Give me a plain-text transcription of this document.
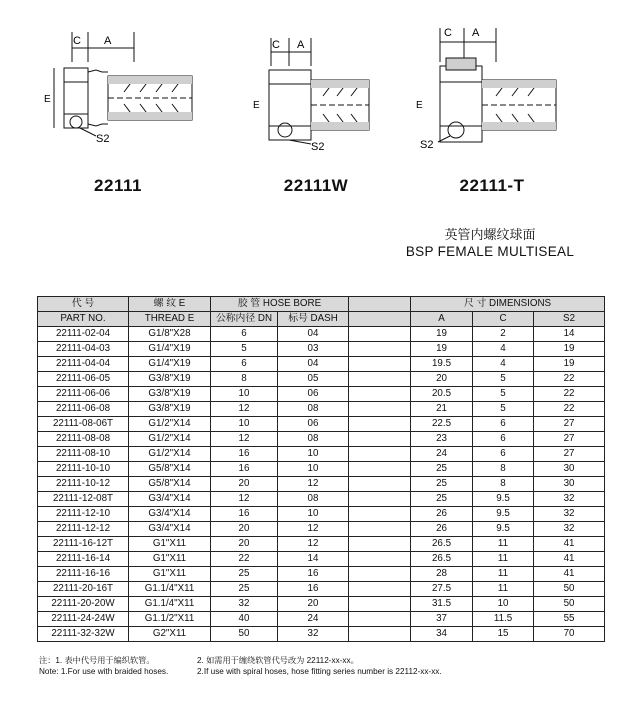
C A
E
S2
C A
E
S2
C A
E
S2
22111	22111W	22111-T
英管内螺纹球面
BSP FEMALE MULTISEAL
代 号	螺 纹 E	胶 管 HOSE BORE			尺 寸 DIMENSIONS		
PART NO.	THREAD E	公称内径 DN	标号 DASH		A	C	S2
22111-02-04	G1/8"X28	6	04		19	2	14
22111-04-03	G1/4"X19	5	03		19	4	19
22111-04-04	G1/4"X19	6	04		19.5	4	19
22111-06-05	G3/8"X19	8	05		20	5	22
22111-06-06	G3/8"X19	10	06		20.5	5	22
22111-06-08	G3/8"X19	12	08		21	5	22
22111-08-06T	G1/2"X14	10	06		22.5	6	27
22111-08-08	G1/2"X14	12	08		23	6	27
22111-08-10	G1/2"X14	16	10		24	6	27
22111-10-10	G5/8"X14	16	10		25	8	30
22111-10-12	G5/8"X14	20	12		25	8	30
22111-12-08T	G3/4"X14	12	08		25	9.5	32
22111-12-10	G3/4"X14	16	10		26	9.5	32
22111-12-12	G3/4"X14	20	12		26	9.5	32
22111-16-12T	G1"X11	20	12		26.5	11	41
22111-16-14	G1"X11	22	14		26.5	11	41
22111-16-16	G1"X11	25	16		28	11	41
22111-20-16T	G1.1/4"X11	25	16		27.5	11	50
22111-20-20W	G1.1/4"X11	32	20		31.5	10	50
22111-24-24W	G1.1/2"X11	40	24		37	11.5	55
22111-32-32W	G2"X11	50	32		34	15	70
注：1. 表中代号用于编织软管。	2. 如需用于缠绕软管代号改为 22112-xx-xx。
Note: 1.For use with braided hoses.	2.If use with spiral hoses, hose fitting series number is 22112-xx-xx.
